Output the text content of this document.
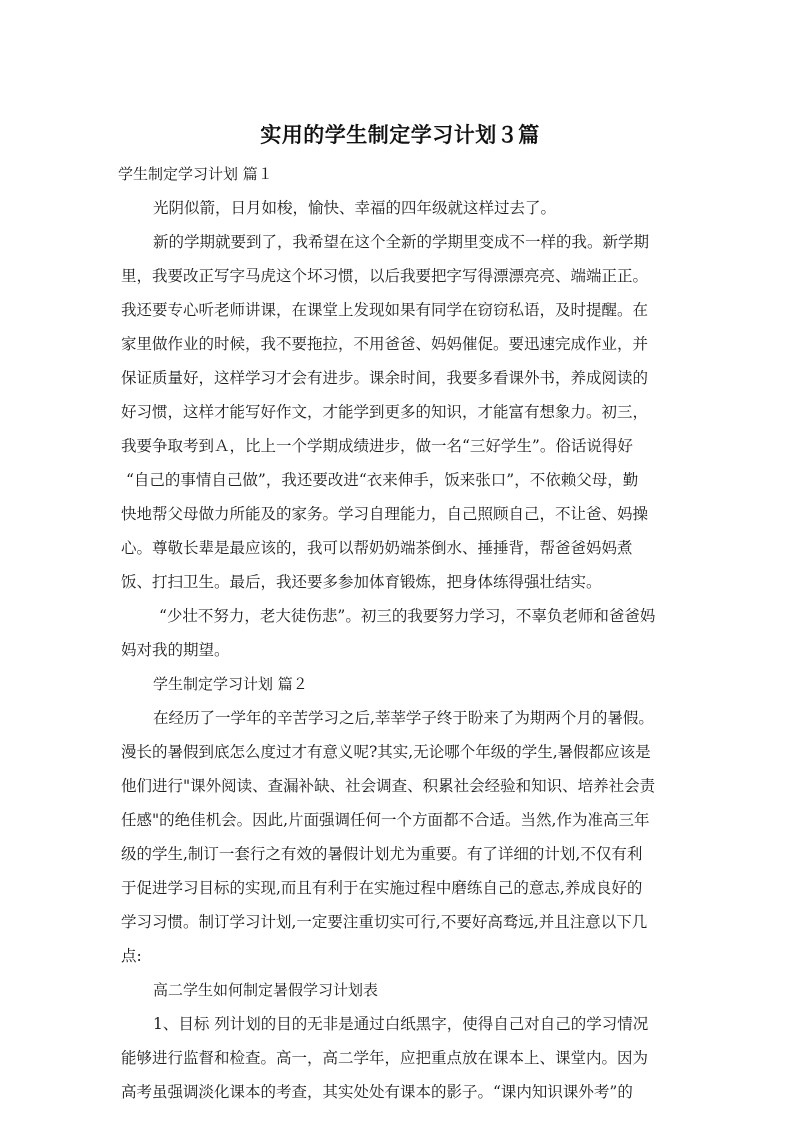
实用的学生制定学习计划３篇
学生制定学习计划 篇１
光阴似箭，日月如梭，愉快、幸福的四年级就这样过去了。
新的学期就要到了，我希望在这个全新的学期里变成不一样的我。新学期
里，我要改正写字马虎这个坏习惯，以后我要把字写得漂漂亮亮、端端正正。
我还要专心听老师讲课，在课堂上发现如果有同学在窃窃私语，及时提醒。在
家里做作业的时候，我不要拖拉，不用爸爸、妈妈催促。要迅速完成作业，并
保证质量好，这样学习才会有进步。课余时间，我要多看课外书，养成阅读的
好习惯，这样才能写好作文，才能学到更多的知识，才能富有想象力。初三，
我要争取考到Ａ，比上一个学期成绩进步，做一名“三好学生”。俗话说得好
“自己的事情自己做”，我还要改进“衣来伸手，饭来张口”，不依赖父母，勤
快地帮父母做力所能及的家务。学习自理能力，自己照顾自己，不让爸、妈操
心。尊敬长辈是最应该的，我可以帮奶奶端茶倒水、捶捶背，帮爸爸妈妈煮
饭、打扫卫生。最后，我还要多参加体育锻炼，把身体练得强壮结实。
“少壮不努力，老大徒伤悲”。初三的我要努力学习，不辜负老师和爸爸妈
妈对我的期望。
学生制定学习计划 篇２
在经历了一学年的辛苦学习之后,莘莘学子终于盼来了为期两个月的暑假。
漫长的暑假到底怎么度过才有意义呢?其实,无论哪个年级的学生,暑假都应该是
他们进行"课外阅读、查漏补缺、社会调查、积累社会经验和知识、培养社会责
任感"的绝佳机会。因此,片面强调任何一个方面都不合适。当然,作为准高三年
级的学生,制订一套行之有效的暑假计划尤为重要。有了详细的计划,不仅有利
于促进学习目标的实现,而且有利于在实施过程中磨练自己的意志,养成良好的
学习习惯。制订学习计划,一定要注重切实可行,不要好高骛远,并且注意以下几
点:
高二学生如何制定暑假学习计划表
1、目标 列计划的目的无非是通过白纸黑字，使得自己对自己的学习情况
能够进行监督和检查。高一，高二学年，应把重点放在课本上、课堂内。因为
高考虽强调淡化课本的考查，其实处处有课本的影子。“课内知识课外考”的
